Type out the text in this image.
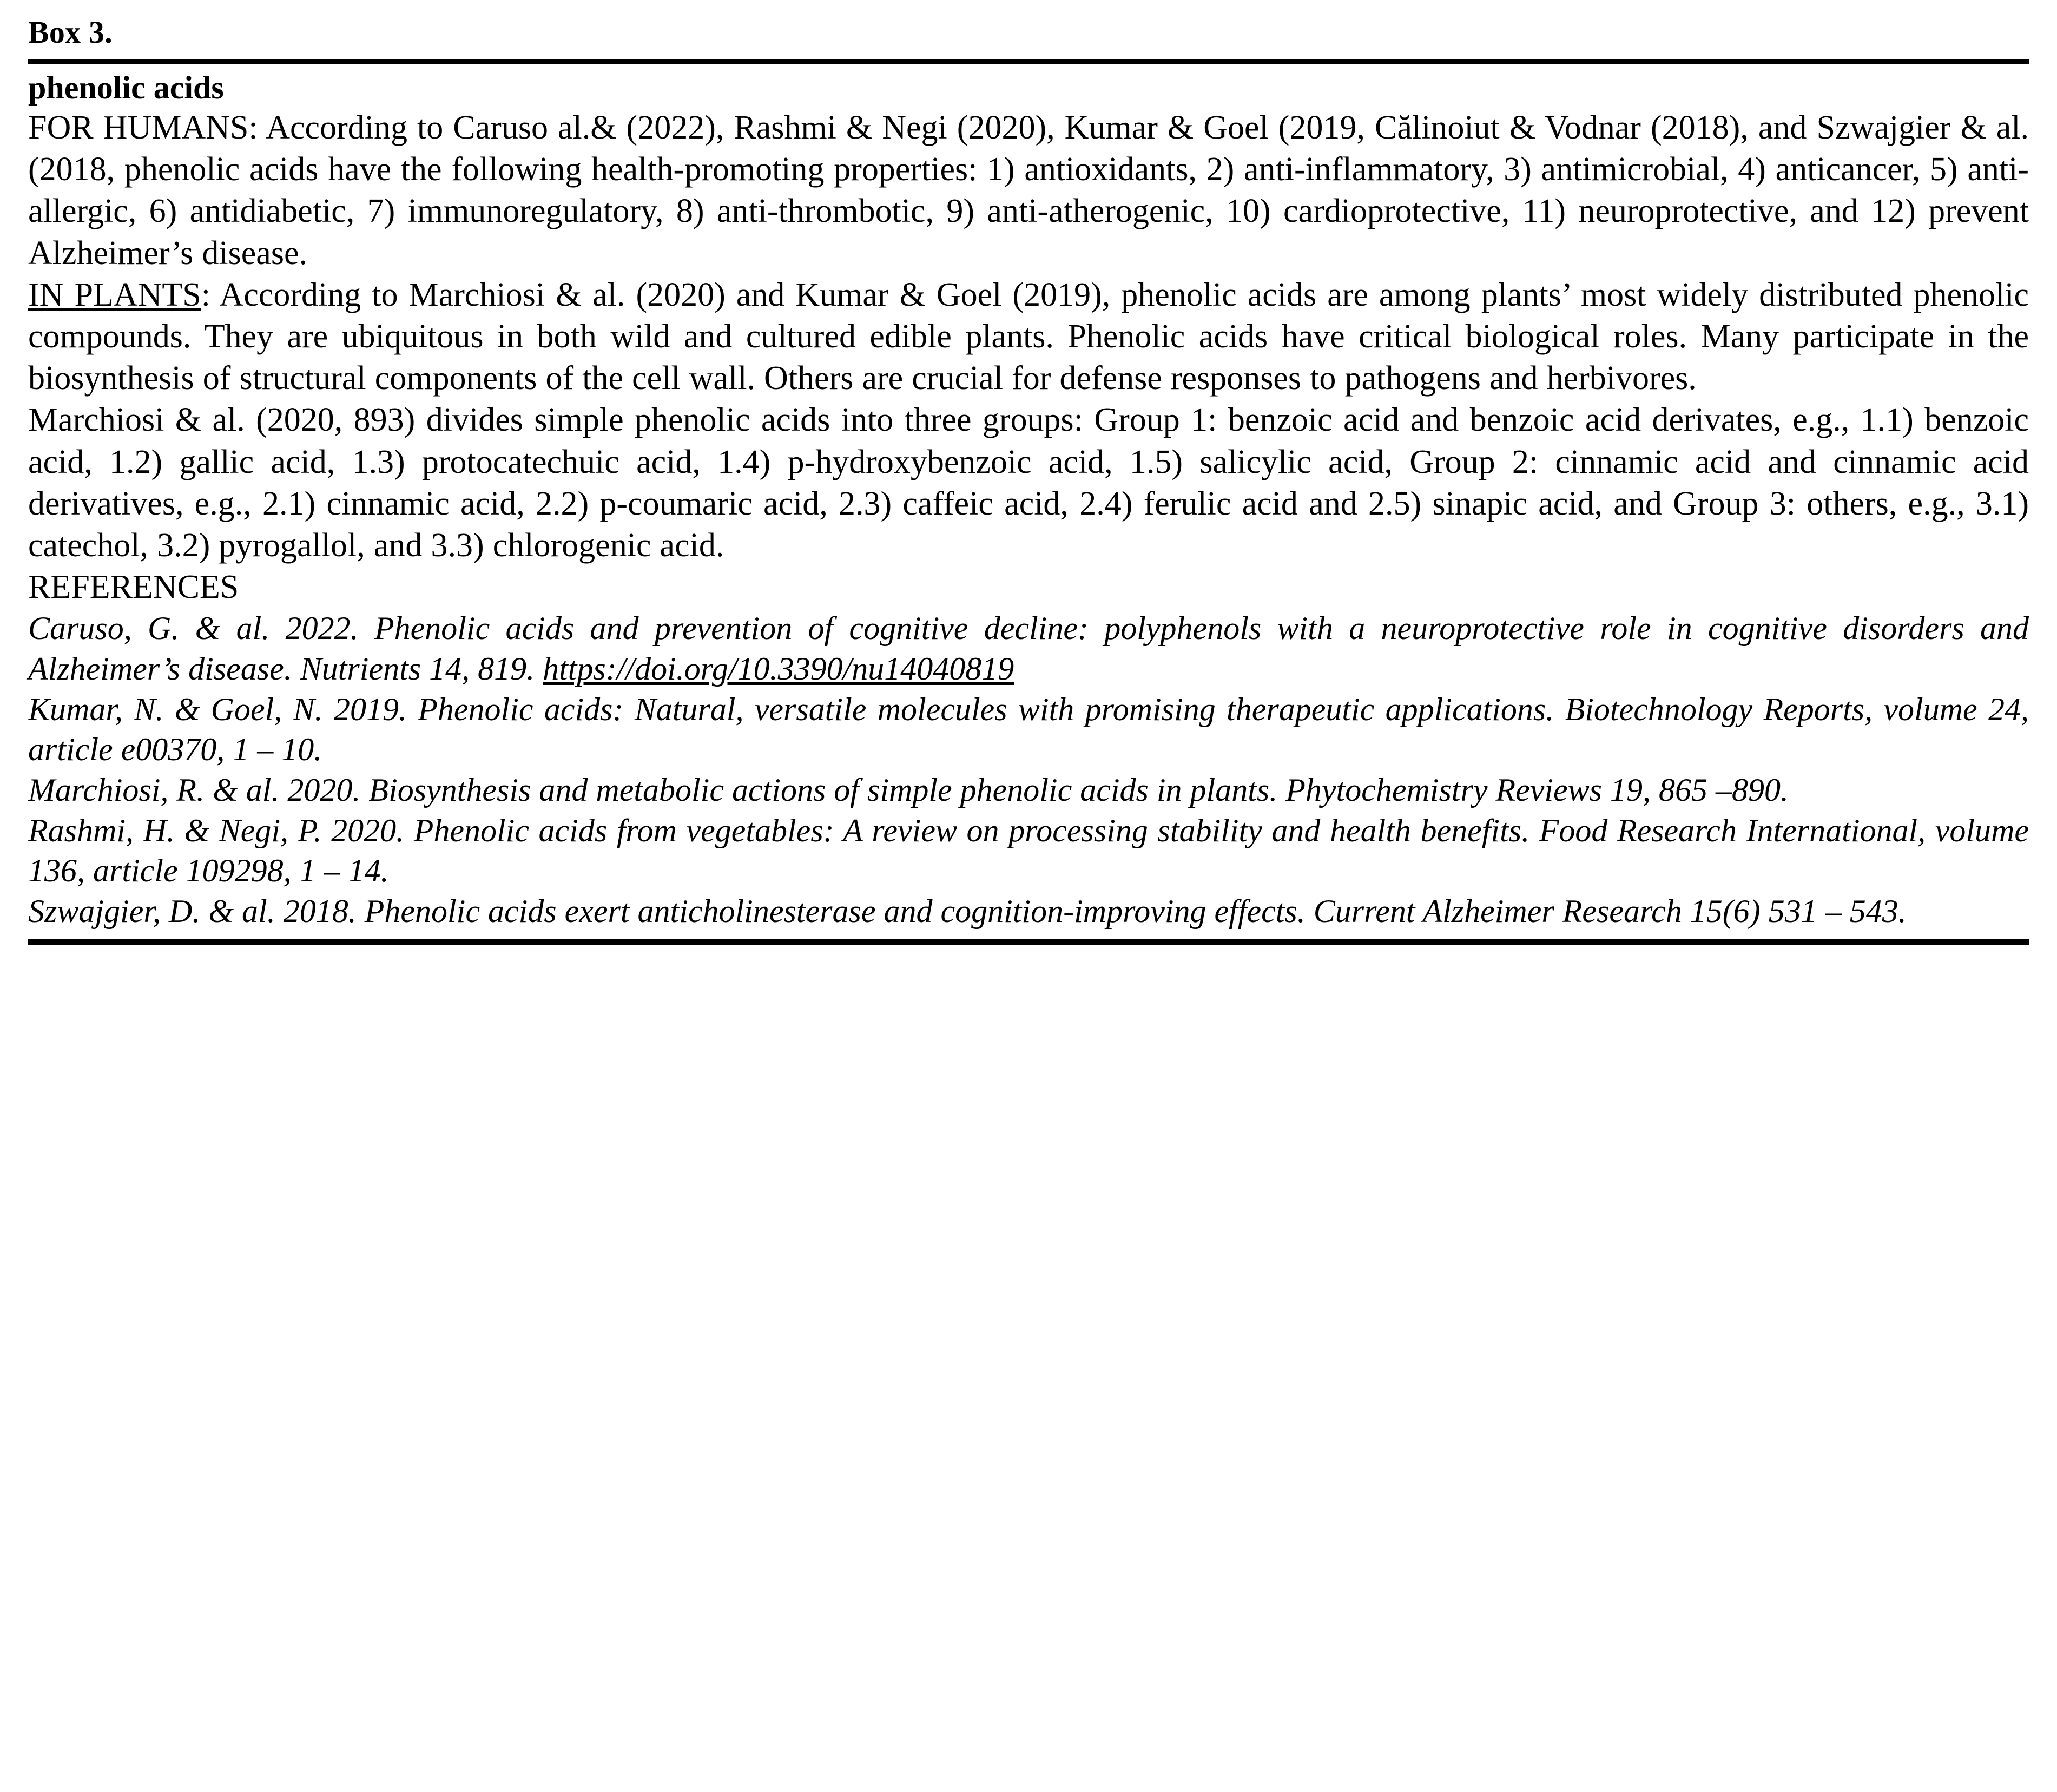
Box 3.
phenolic acids

FOR HUMANS: According to Caruso al.& (2022), Rashmi & Negi (2020), Kumar & Goel (2019, Călinoiut & Vodnar (2018), and Szwajgier & al. (2018, phenolic acids have the following health-promoting properties: 1) antioxidants, 2) anti-inflammatory, 3) antimicrobial, 4) anticancer, 5) anti-allergic, 6) antidiabetic, 7) immunoregulatory, 8) anti-thrombotic, 9) anti-atherogenic, 10) cardioprotective, 11) neuroprotective, and 12) prevent Alzheimer’s disease.

IN PLANTS: According to Marchiosi & al. (2020) and Kumar & Goel (2019), phenolic acids are among plants’ most widely distributed phenolic compounds. They are ubiquitous in both wild and cultured edible plants. Phenolic acids have critical biological roles. Many participate in the biosynthesis of structural components of the cell wall. Others are crucial for defense responses to pathogens and herbivores.

Marchiosi & al. (2020, 893) divides simple phenolic acids into three groups: Group 1: benzoic acid and benzoic acid derivates, e.g., 1.1) benzoic acid, 1.2) gallic acid, 1.3) protocatechuic acid, 1.4) p-hydroxybenzoic acid, 1.5) salicylic acid, Group 2: cinnamic acid and cinnamic acid derivatives, e.g., 2.1) cinnamic acid, 2.2) p-coumaric acid, 2.3) caffeic acid, 2.4) ferulic acid and 2.5) sinapic acid, and Group 3: others, e.g., 3.1) catechol, 3.2) pyrogallol, and 3.3) chlorogenic acid.

REFERENCES

Caruso, G. & al. 2022. Phenolic acids and prevention of cognitive decline: polyphenols with a neuroprotective role in cognitive disorders and Alzheimer’s disease. Nutrients 14, 819. https://doi.org/10.3390/nu14040819

Kumar, N. & Goel, N. 2019. Phenolic acids: Natural, versatile molecules with promising therapeutic applications. Biotechnology Reports, volume 24, article e00370, 1 – 10.

Marchiosi, R. & al. 2020. Biosynthesis and metabolic actions of simple phenolic acids in plants. Phytochemistry Reviews 19, 865 –890.

Rashmi, H. & Negi, P. 2020. Phenolic acids from vegetables: A review on processing stability and health benefits. Food Research International, volume 136, article 109298, 1 – 14.

Szwajgier, D. & al. 2018. Phenolic acids exert anticholinesterase and cognition-improving effects. Current Alzheimer Research 15(6) 531 – 543.
